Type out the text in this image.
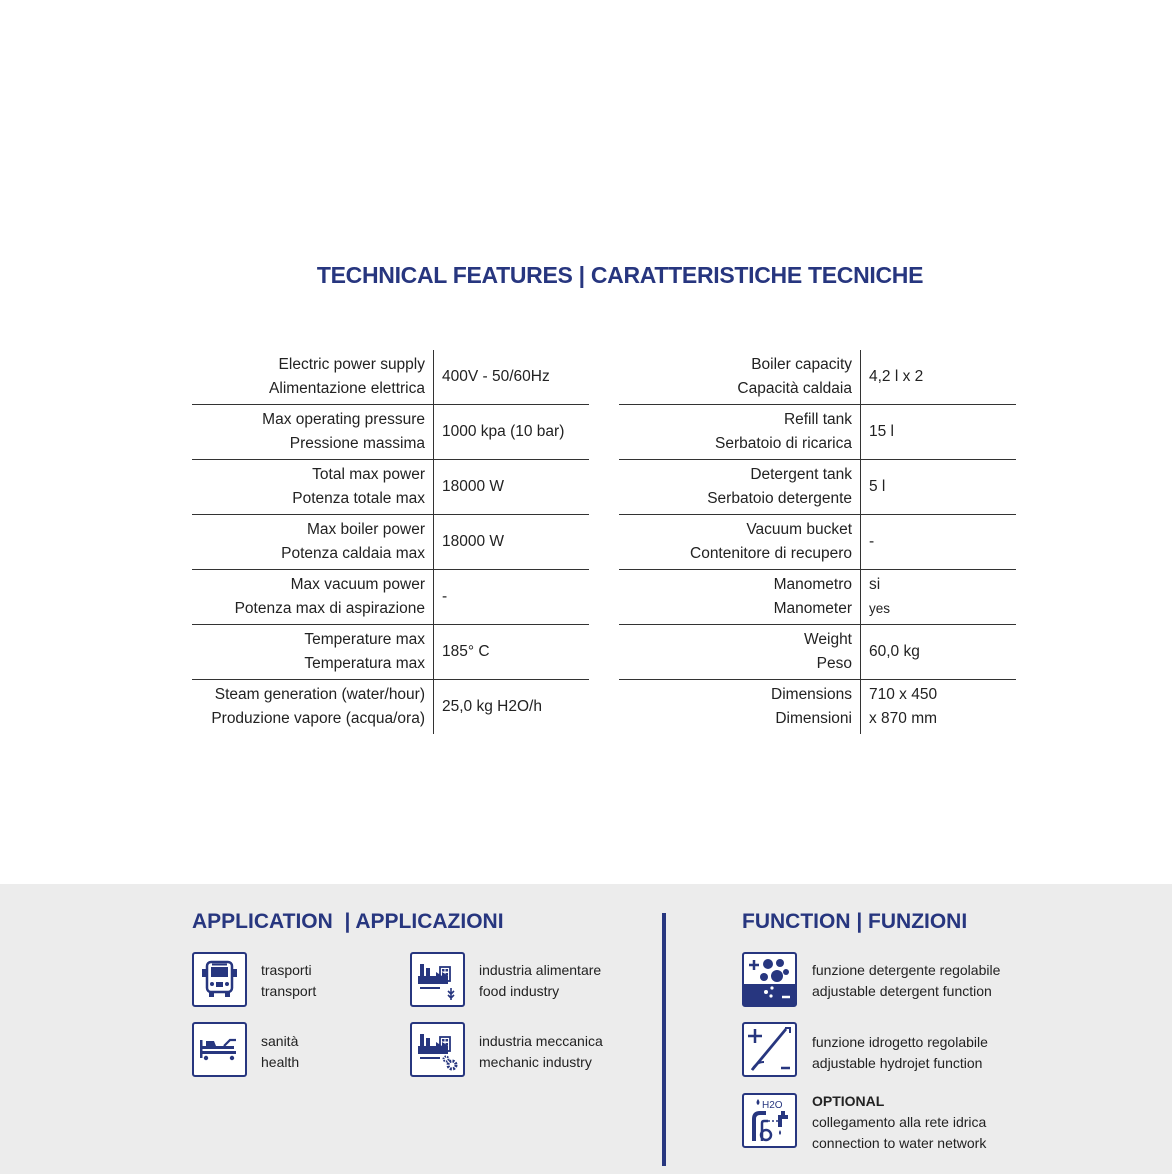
TECHNICAL FEATURES | CARATTERISTICHE TECNICHE
Electric power supply
Alimentazione elettrica	400V - 50/60Hz

Max operating pressure
Pressione massima	1000 kpa (10 bar)

Total max power
Potenza totale max	18000 W

Max boiler power
Potenza caldaia max	18000 W

Max vacuum power
Potenza max di aspirazione	-

Temperature max
Temperatura max	185° C

Steam generation (water/hour)
Produzione vapore (acqua/ora)	25,0 kg H2O/h
Boiler capacity
Capacità caldaia	4,2 l x 2

Refill tank
Serbatoio di ricarica	15 l

Detergent tank
Serbatoio detergente	5 l

Vacuum bucket
Contenitore di recupero	-

Manometro
Manometer	si
yes

Weight
Peso	60,0 kg

Dimensions
Dimensioni	710 x 450
x 870 mm
APPLICATION  | APPLICAZIONI	FUNCTION | FUNZIONI
trasporti
transport
industria alimentare
food industry
sanità
health
industria meccanica
mechanic industry
funzione detergente regolabile
adjustable detergent function
funzione idrogetto regolabile
adjustable hydrojet function
H2O OPTIONAL
collegamento alla rete idrica
connection to water network
